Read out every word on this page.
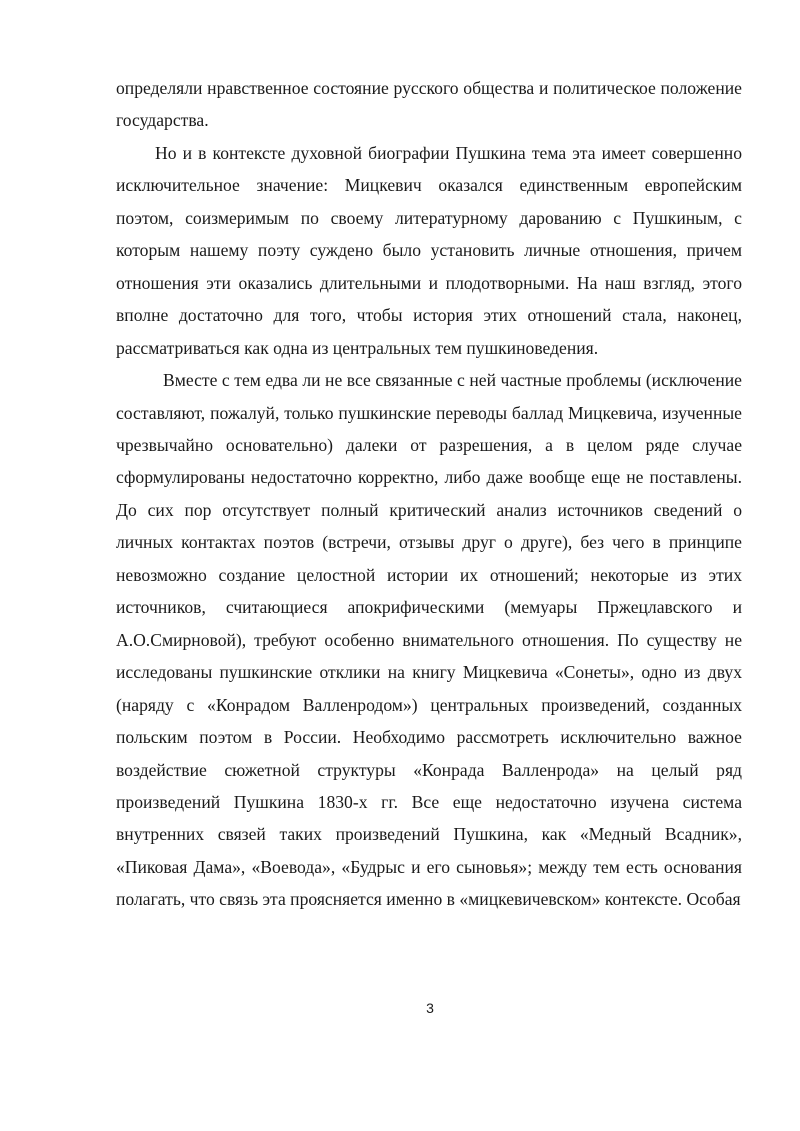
определяли нравственное состояние русского общества и политическое положение государства.

Но и в контексте духовной биографии Пушкина тема эта имеет совершенно исключительное значение: Мицкевич оказался единственным европейским поэтом, соизмеримым по своему литературному дарованию с Пушкиным, с которым нашему поэту суждено было установить личные отношения, причем отношения эти оказались длительными и плодотворными. На наш взгляд, этого вполне достаточно для того, чтобы история этих отношений стала, наконец, рассматриваться как одна из центральных тем пушкиноведения.

Вместе с тем едва ли не все связанные с ней частные проблемы (исключение составляют, пожалуй, только пушкинские переводы баллад Мицкевича, изученные чрезвычайно основательно) далеки от разрешения, а в целом ряде случае сформулированы недостаточно корректно, либо даже вообще еще не поставлены. До сих пор отсутствует полный критический анализ источников сведений о личных контактах поэтов (встречи, отзывы друг о друге), без чего в принципе невозможно создание целостной истории их отношений; некоторые из этих источников, считающиеся апокрифическими (мемуары Пржецлавского и А.О.Смирновой), требуют особенно внимательного отношения. По существу не исследованы пушкинские отклики на книгу Мицкевича «Сонеты», одно из двух (наряду с «Конрадом Валленродом») центральных произведений, созданных польским поэтом в России. Необходимо рассмотреть исключительно важное воздействие сюжетной структуры «Конрада Валленрода» на целый ряд произведений Пушкина 1830-х гг. Все еще недостаточно изучена система внутренних связей таких произведений Пушкина, как «Медный Всадник», «Пиковая Дама», «Воевода», «Будрыс и его сыновья»; между тем есть основания полагать, что связь эта проясняется именно в «мицкевичевском» контексте. Особая

3
